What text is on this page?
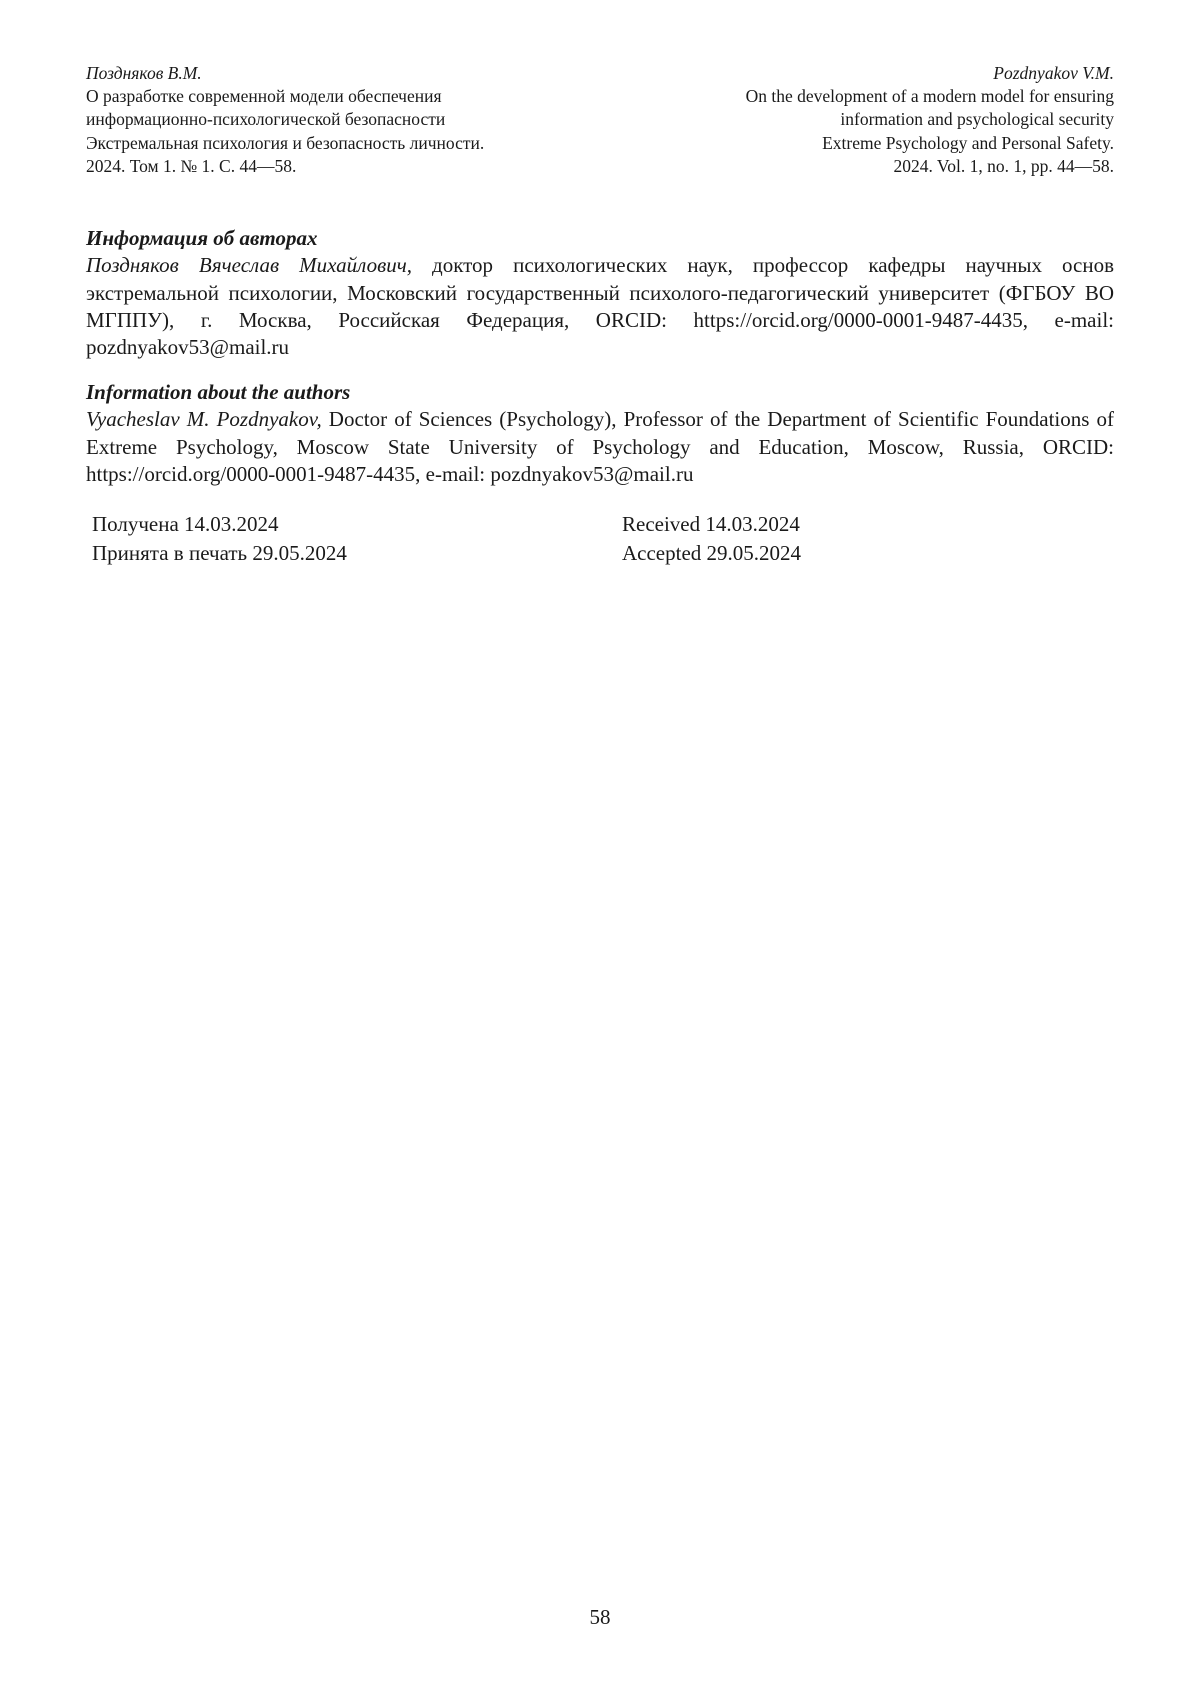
Поздняков В.М.
О разработке современной модели обеспечения
информационно-психологической безопасности
Экстремальная психология и безопасность личности.
2024. Том 1. № 1. С. 44—58.
Pozdnyakov V.M.
On the development of a modern model for ensuring
information and psychological security
Extreme Psychology and Personal Safety.
2024. Vol. 1, no. 1, pp. 44—58.
Информация об авторах
Поздняков Вячеслав Михайлович, доктор психологических наук, профессор кафедры научных основ экстремальной психологии, Московский государственный психолого-педагогический университет (ФГБОУ ВО МГППУ), г. Москва, Российская Федерация, ORCID: https://orcid.org/0000-0001-9487-4435, e-mail: pozdnyakov53@mail.ru
Information about the authors
Vyacheslav M. Pozdnyakov, Doctor of Sciences (Psychology), Professor of the Department of Scientific Foundations of Extreme Psychology, Moscow State University of Psychology and Education, Moscow, Russia, ORCID: https://orcid.org/0000-0001-9487-4435, e-mail: pozdnyakov53@mail.ru
Получена 14.03.2024	Received 14.03.2024
Принята в печать 29.05.2024	Accepted 29.05.2024
58
